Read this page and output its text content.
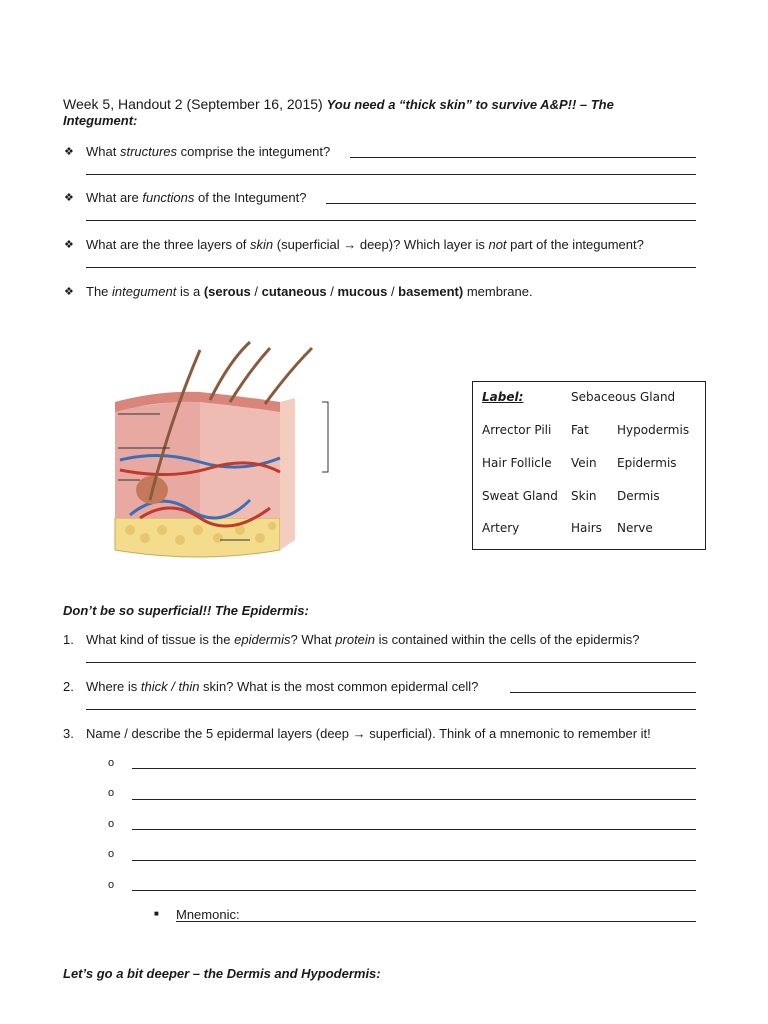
Week 5, Handout 2 (September 16, 2015) You need a “thick skin” to survive A&P!! – The
Integument:
❖ What structures comprise the integument?
❖ What are functions of the Integument?
❖ What are the three layers of skin (superficial → deep)? Which layer is not part of the integument?
❖ The integument is a (serous / cutaneous / mucous / basement) membrane.
Label:	Sebaceous Gland
Arrector Pili Fat Hypodermis
Hair Follicle Vein Epidermis
Sweat Gland Skin Dermis
Artery	Hairs Nerve
Don’t be so superficial!! The Epidermis:
1. What kind of tissue is the epidermis? What protein is contained within the cells of the epidermis?
2. Where is thick / thin skin? What is the most common epidermal cell?
3. Name / describe the 5 epidermal layers (deep → superficial). Think of a mnemonic to remember it!
o
o
o
o
o
■ Mnemonic:
Let’s go a bit deeper – the Dermis and Hypodermis:
